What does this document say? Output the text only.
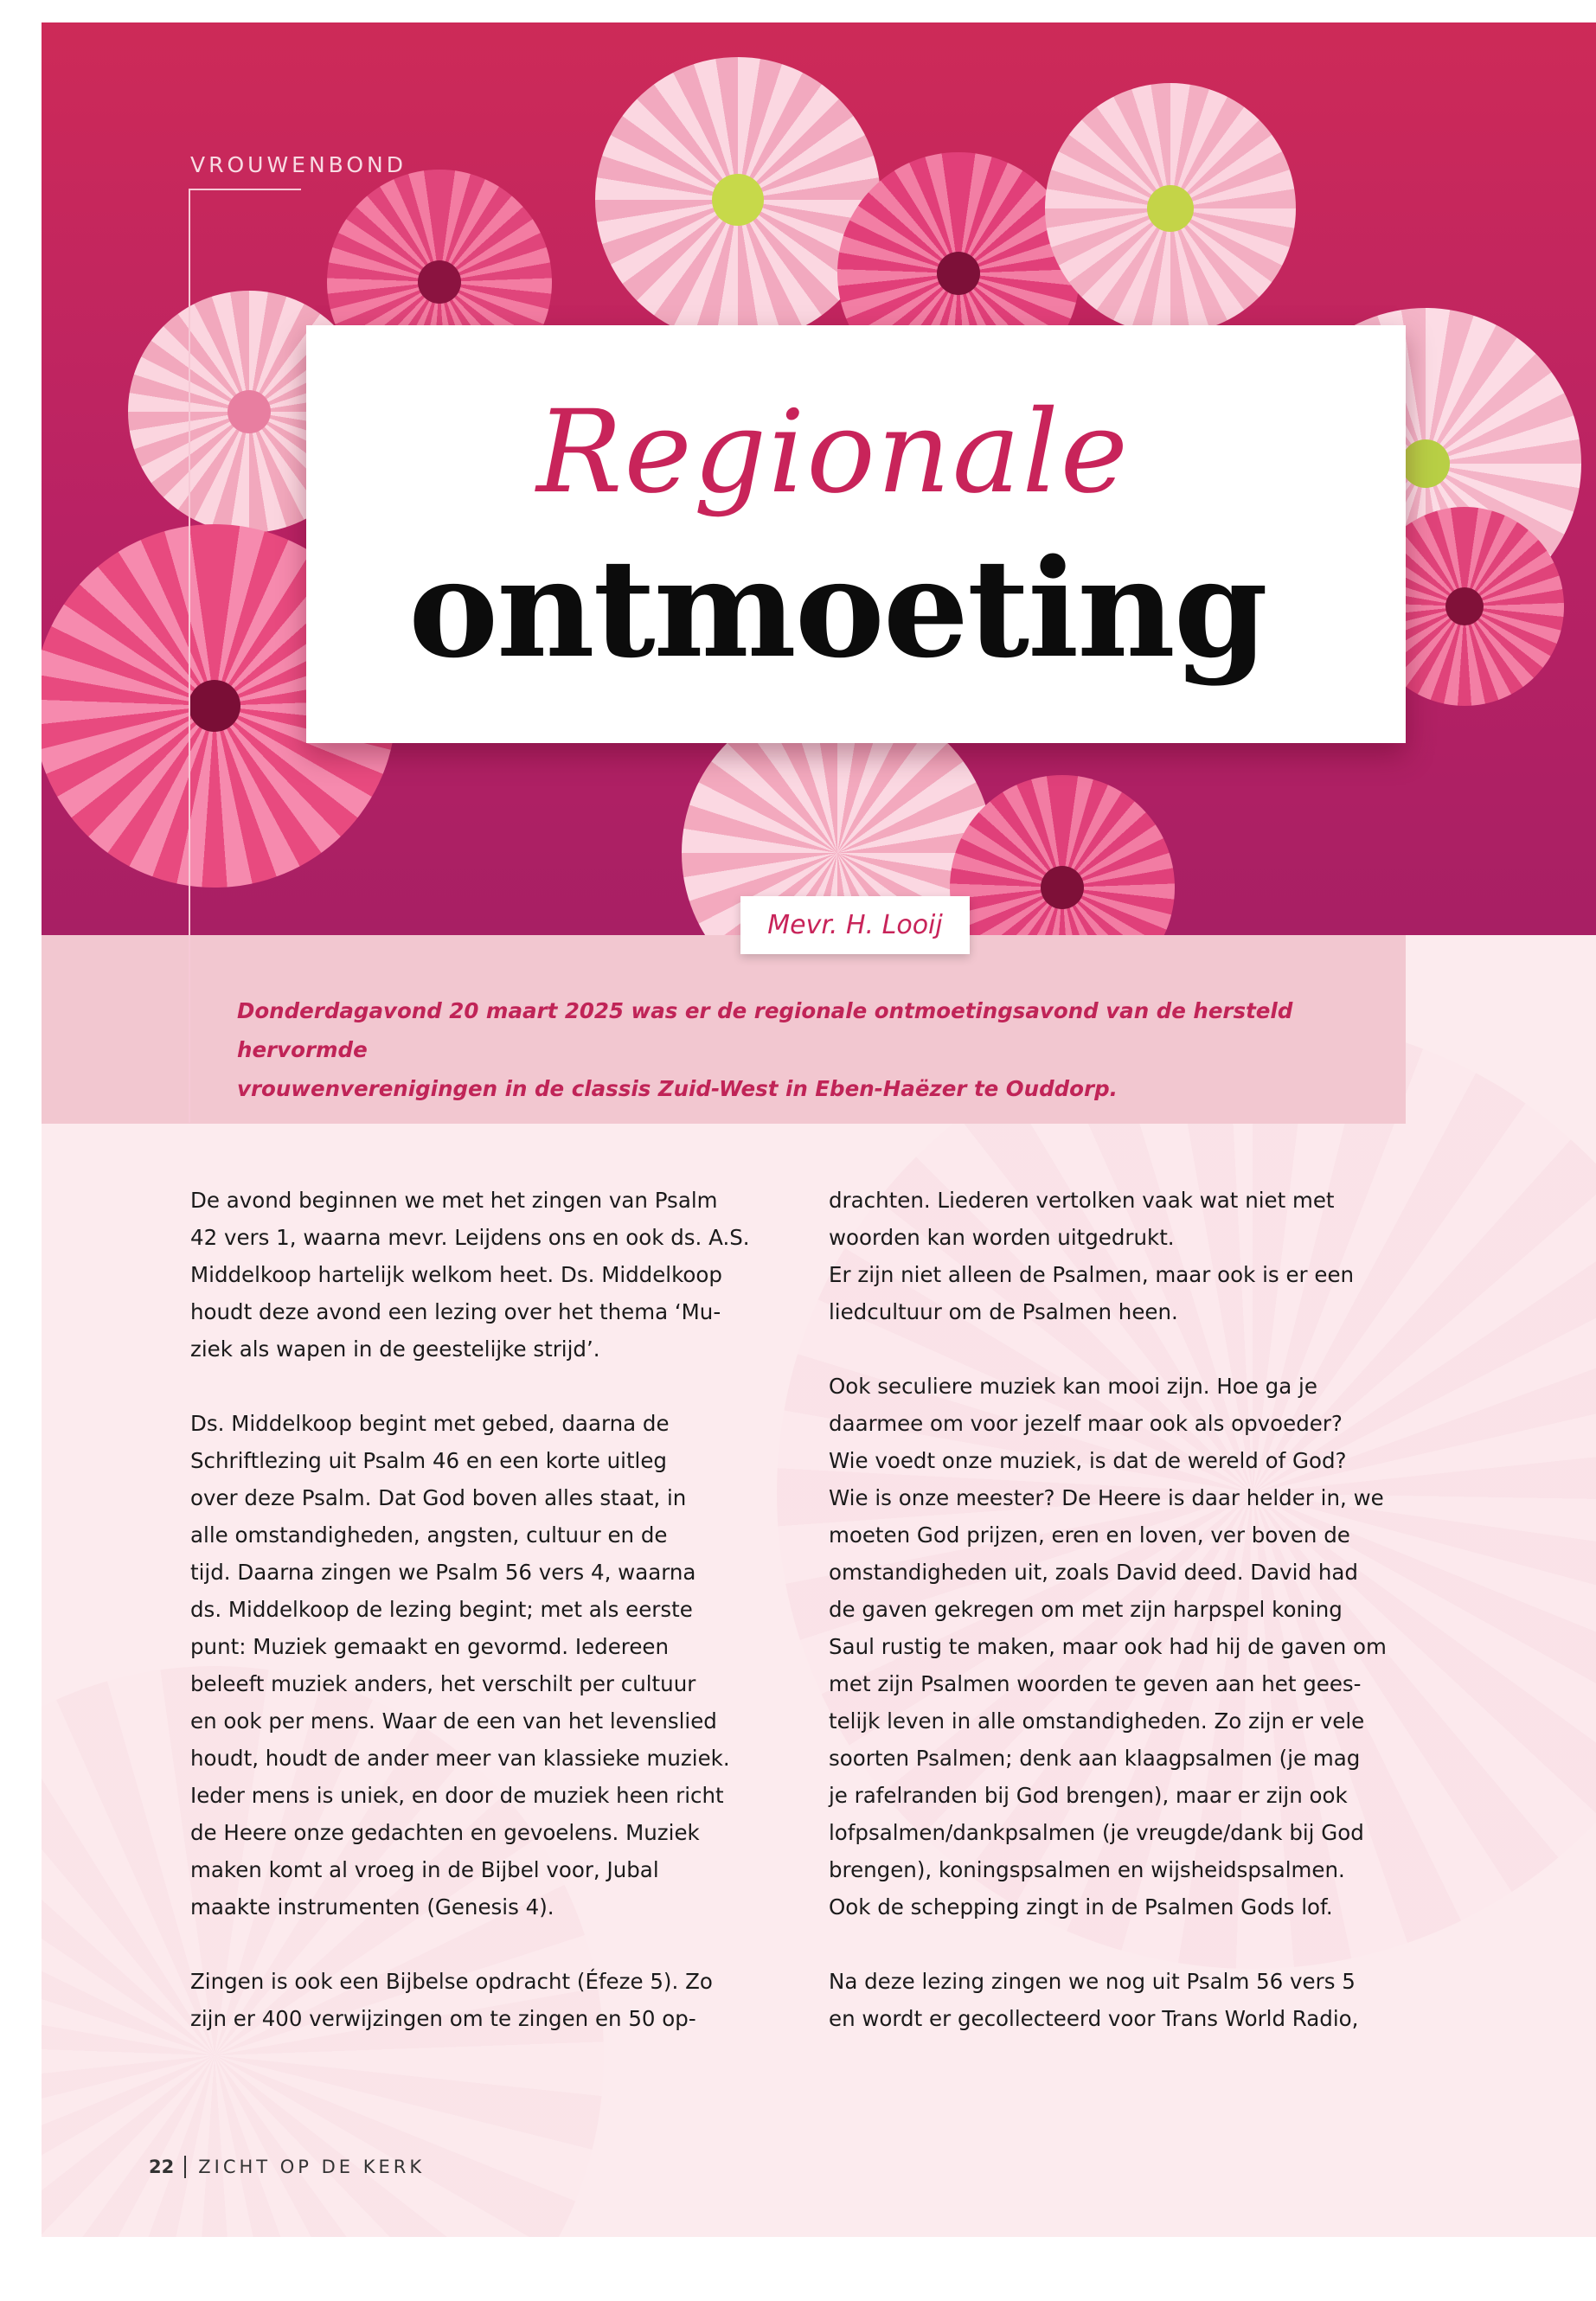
Regionale
ontmoeting
VROUWENBOND
Mevr. H. Looij
Donderdagavond 20 maart 2025 was er de regionale ontmoetingsavond van de hersteld hervormde
vrouwenverenigingen in de classis Zuid-West in Eben-Haëzer te Ouddorp.

De avond beginnen we met het zingen van Psalm
42 vers 1, waarna mevr. Leijdens ons en ook ds. A.S.
Middelkoop hartelijk welkom heet. Ds. Middelkoop
houdt deze avond een lezing over het thema ‘Mu-
ziek als wapen in de geestelijke strijd’.

Ds. Middelkoop begint met gebed, daarna de
Schriftlezing uit Psalm 46 en een korte uitleg
over deze Psalm. Dat God boven alles staat, in
alle omstandigheden, angsten, cultuur en de
tijd. Daarna zingen we Psalm 56 vers 4, waarna
ds. Middelkoop de lezing begint; met als eerste
punt: Muziek gemaakt en gevormd. Iedereen
beleeft muziek anders, het verschilt per cultuur
en ook per mens. Waar de een van het levenslied
houdt, houdt de ander meer van klassieke muziek.
Ieder mens is uniek, en door de muziek heen richt
de Heere onze gedachten en gevoelens. Muziek
maken komt al vroeg in de Bijbel voor, Jubal
maakte instrumenten (Genesis 4).

Zingen is ook een Bijbelse opdracht (Éfeze 5). Zo
zijn er 400 verwijzingen om te zingen en 50 op-

drachten. Liederen vertolken vaak wat niet met
woorden kan worden uitgedrukt.
Er zijn niet alleen de Psalmen, maar ook is er een
liedcultuur om de Psalmen heen.

Ook seculiere muziek kan mooi zijn. Hoe ga je
daarmee om voor jezelf maar ook als opvoeder?
Wie voedt onze muziek, is dat de wereld of God?
Wie is onze meester? De Heere is daar helder in, we
moeten God prijzen, eren en loven, ver boven de
omstandigheden uit, zoals David deed. David had
de gaven gekregen om met zijn harpspel koning
Saul rustig te maken, maar ook had hij de gaven om
met zijn Psalmen woorden te geven aan het gees-
telijk leven in alle omstandigheden. Zo zijn er vele
soorten Psalmen; denk aan klaagpsalmen (je mag
je rafelranden bij God brengen), maar er zijn ook
lofpsalmen/dankpsalmen (je vreugde/dank bij God
brengen), koningspsalmen en wijsheidspsalmen.
Ook de schepping zingt in de Psalmen Gods lof.

Na deze lezing zingen we nog uit Psalm 56 vers 5
en wordt er gecollecteerd voor Trans World Radio,

22 ZICHT OP DE KERK
